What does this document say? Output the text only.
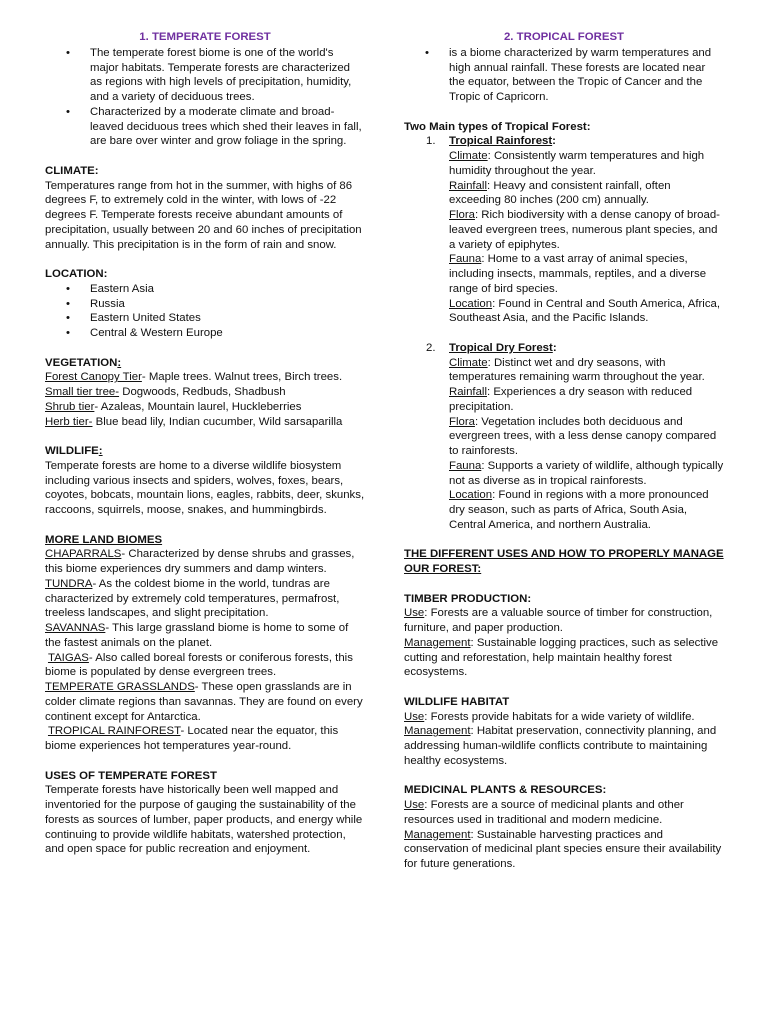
1. TEMPERATE FOREST
• The temperate forest biome is one of the world's major habitats. Temperate forests are characterized as regions with high levels of precipitation, humidity, and a variety of deciduous trees.
• Characterized by a moderate climate and broad-leaved deciduous trees which shed their leaves in fall, are bare over winter and grow foliage in the spring.

CLIMATE:

Temperatures range from hot in the summer, with highs of 86 degrees F, to extremely cold in the winter, with lows of -22 degrees F. Temperate forests receive abundant amounts of precipitation, usually between 20 and 60 inches of precipitation annually. This precipitation is in the form of rain and snow.

LOCATION:

• Eastern Asia
• Russia
• Eastern United States
• Central & Western Europe

VEGETATION:

Forest Canopy Tier- Maple trees. Walnut trees, Birch trees.

Small tier tree- Dogwoods, Redbuds, Shadbush

Shrub tier- Azaleas, Mountain laurel, Huckleberries

Herb tier- Blue bead lily, Indian cucumber, Wild sarsaparilla

WILDLIFE:

Temperate forests are home to a diverse wildlife biosystem including various insects and spiders, wolves, foxes, bears, coyotes, bobcats, mountain lions, eagles, rabbits, deer, skunks, raccoons, squirrels, moose, snakes, and hummingbirds.

MORE LAND BIOMES

CHAPARRALS- Characterized by dense shrubs and grasses, this biome experiences dry summers and damp winters.

TUNDRA- As the coldest biome in the world, tundras are characterized by extremely cold temperatures, permafrost, treeless landscapes, and slight precipitation.

SAVANNAS- This large grassland biome is home to some of the fastest animals on the planet.

TAIGAS- Also called boreal forests or coniferous forests, this biome is populated by dense evergreen trees.

TEMPERATE GRASSLANDS- These open grasslands are in colder climate regions than savannas. They are found on every continent except for Antarctica.

TROPICAL RAINFOREST- Located near the equator, this biome experiences hot temperatures year-round.

USES OF TEMPERATE FOREST

Temperate forests have historically been well mapped and inventoried for the purpose of gauging the sustainability of the forests as sources of lumber, paper products, and energy while continuing to provide wildlife habitats, watershed protection, and open space for public recreation and enjoyment.

2. TROPICAL FOREST
• is a biome characterized by warm temperatures and high annual rainfall. These forests are located near the equator, between the Tropic of Cancer and the Tropic of Capricorn.

Two Main types of Tropical Forest:

1. Tropical Rainforest:

Climate: Consistently warm temperatures and high humidity throughout the year.

Rainfall: Heavy and consistent rainfall, often exceeding 80 inches (200 cm) annually.

Flora: Rich biodiversity with a dense canopy of broad-leaved evergreen trees, numerous plant species, and a variety of epiphytes.

Fauna: Home to a vast array of animal species, including insects, mammals, reptiles, and a diverse range of bird species.

Location: Found in Central and South America, Africa, Southeast Asia, and the Pacific Islands.

2. Tropical Dry Forest:

Climate: Distinct wet and dry seasons, with temperatures remaining warm throughout the year.

Rainfall: Experiences a dry season with reduced precipitation.

Flora: Vegetation includes both deciduous and evergreen trees, with a less dense canopy compared to rainforests.

Fauna: Supports a variety of wildlife, although typically not as diverse as in tropical rainforests.

Location: Found in regions with a more pronounced dry season, such as parts of Africa, South Asia, Central America, and northern Australia.

THE DIFFERENT USES AND HOW TO PROPERLY MANAGE OUR FOREST:

TIMBER PRODUCTION:

Use: Forests are a valuable source of timber for construction, furniture, and paper production.

Management: Sustainable logging practices, such as selective cutting and reforestation, help maintain healthy forest ecosystems.

WILDLIFE HABITAT

Use: Forests provide habitats for a wide variety of wildlife.

Management: Habitat preservation, connectivity planning, and addressing human-wildlife conflicts contribute to maintaining healthy ecosystems.

MEDICINAL PLANTS & RESOURCES:

Use: Forests are a source of medicinal plants and other resources used in traditional and modern medicine.

Management: Sustainable harvesting practices and conservation of medicinal plant species ensure their availability for future generations.
